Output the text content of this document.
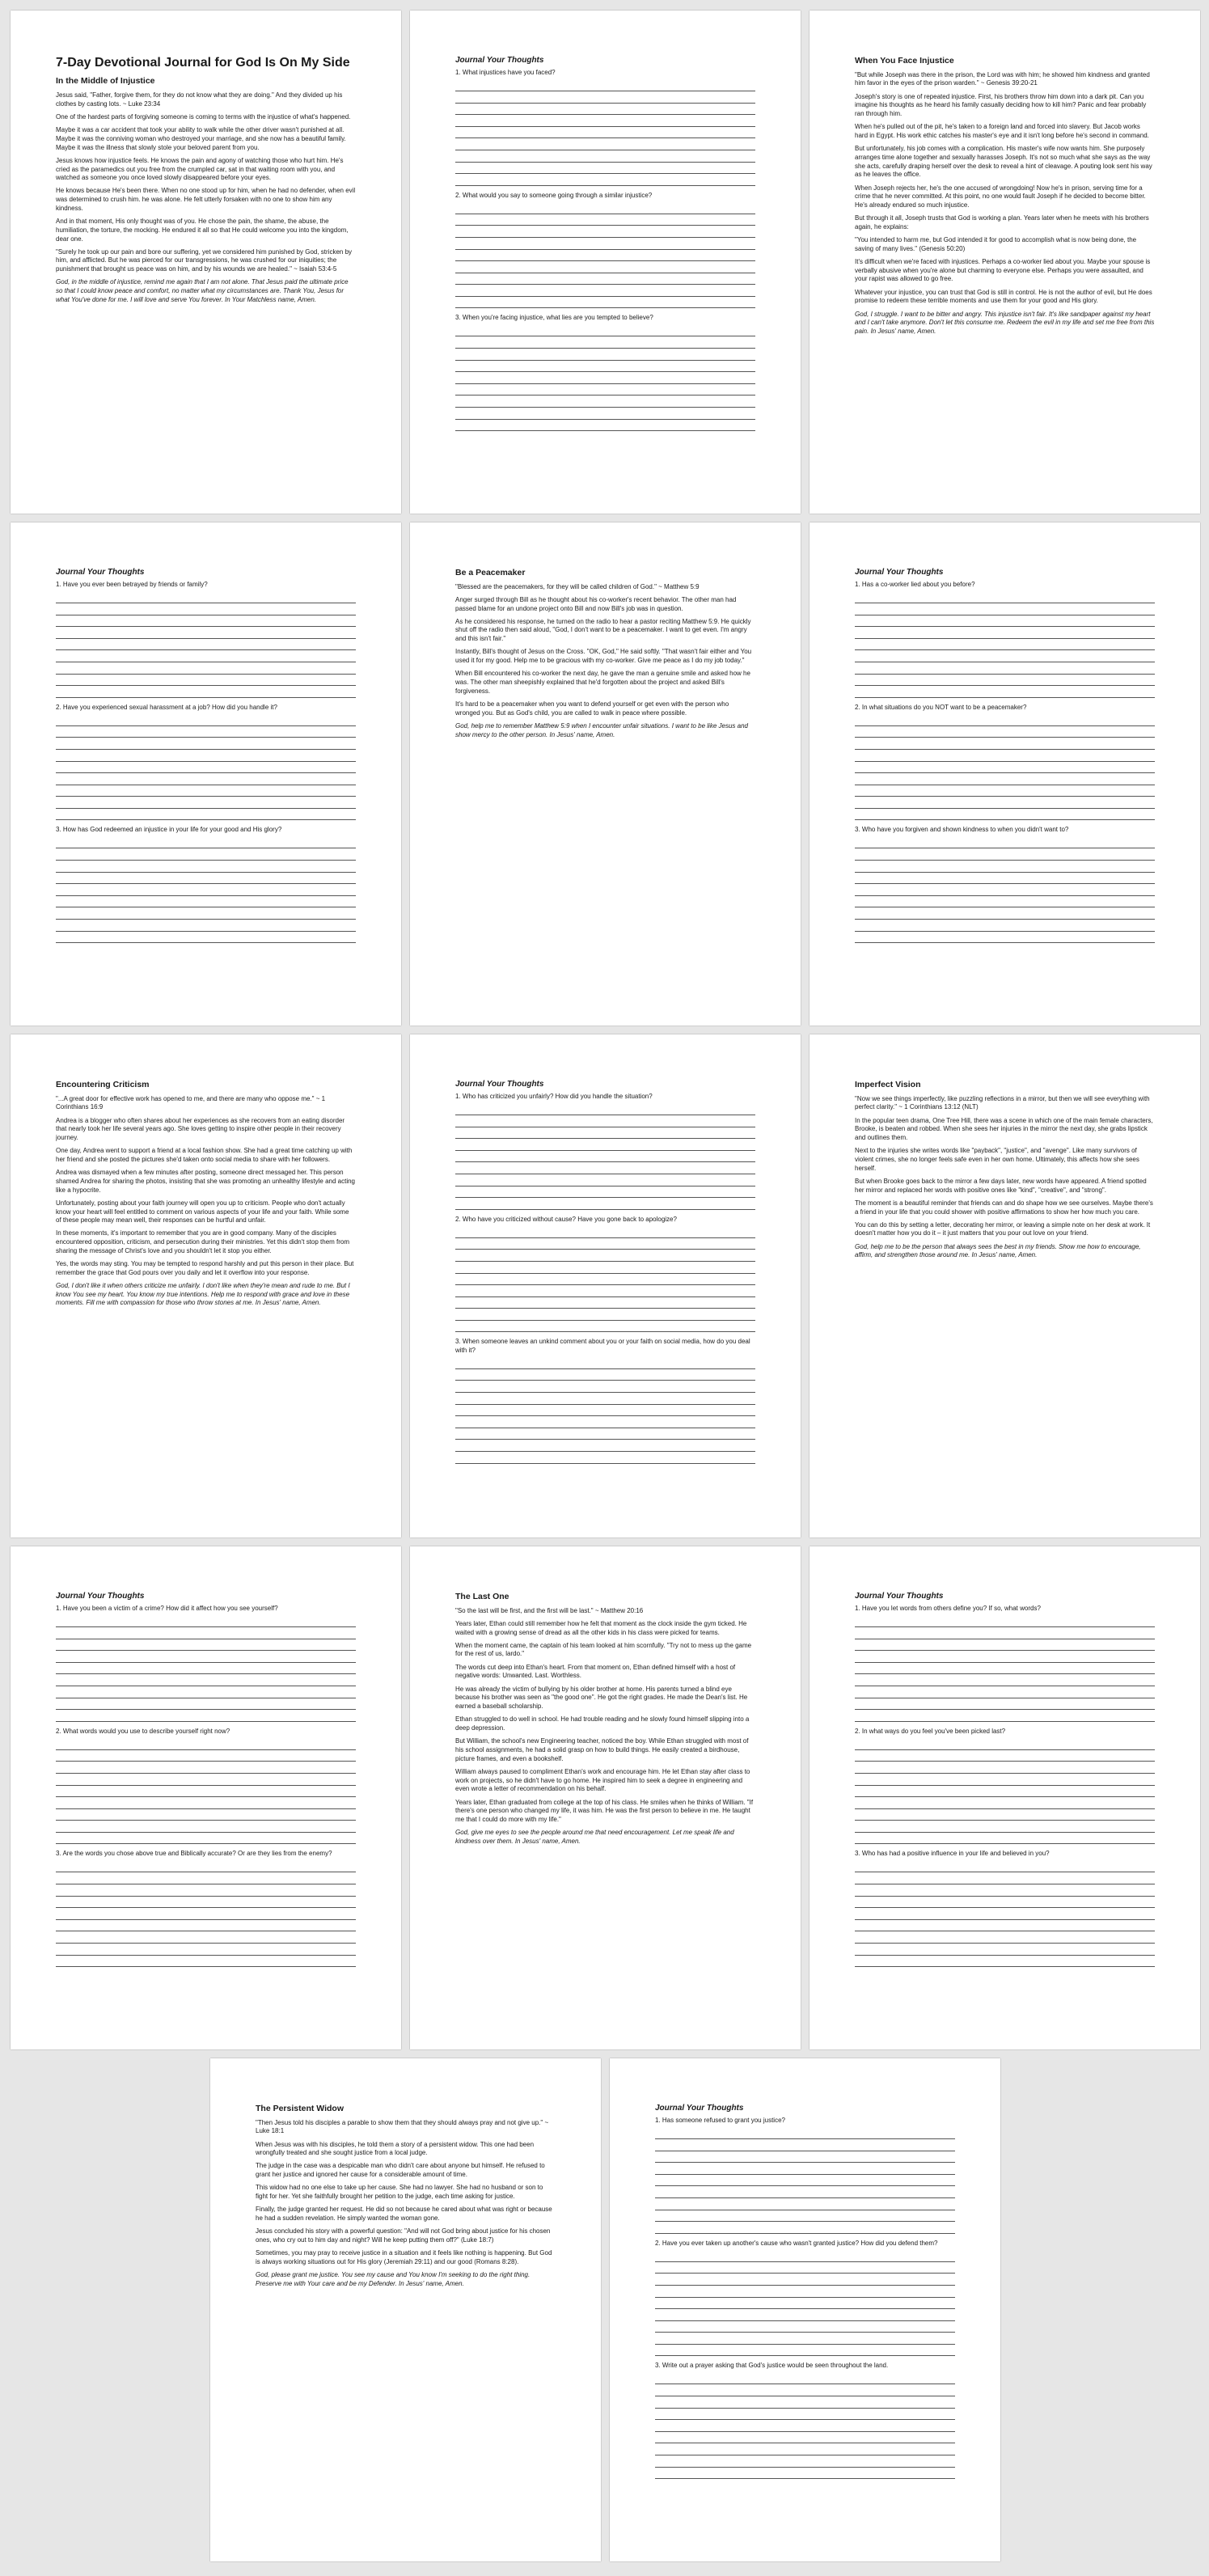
7-Day Devotional Journal for God Is On My Side
In the Middle of Injustice

Jesus said, "Father, forgive them, for they do not know what they are doing." And they divided up his clothes by casting lots. ~ Luke 23:34

One of the hardest parts of forgiving someone is coming to terms with the injustice of what's happened.

Maybe it was a car accident that took your ability to walk while the other driver wasn't punished at all. Maybe it was the conniving woman who destroyed your marriage, and she now has a beautiful family. Maybe it was the illness that slowly stole your beloved parent from you.

Jesus knows how injustice feels. He knows the pain and agony of watching those who hurt him. He's cried as the paramedics out you free from the crumpled car, sat in that waiting room with you, and watched as someone you once loved slowly disappeared before your eyes.

He knows because He's been there. When no one stood up for him, when he had no defender, when evil was determined to crush him. he was alone. He felt utterly forsaken with no one to show him any kindness.

And in that moment, His only thought was of you. He chose the pain, the shame, the abuse, the humiliation, the torture, the mocking. He endured it all so that He could welcome you into the kingdom, dear one.

"Surely he took up our pain and bore our suffering, yet we considered him punished by God, stricken by him, and afflicted. But he was pierced for our transgressions, he was crushed for our iniquities; the punishment that brought us peace was on him, and by his wounds we are healed." ~ Isaiah 53:4-5

God, in the middle of injustice, remind me again that I am not alone. That Jesus paid the ultimate price so that I could know peace and comfort, no matter what my circumstances are. Thank You, Jesus for what You've done for me. I will love and serve You forever. In Your Matchless name, Amen.

Journal Your Thoughts
1. What injustices have you faced?
2. What would you say to someone going through a similar injustice?
3. When you're facing injustice, what lies are you tempted to believe?
When You Face Injustice

"But while Joseph was there in the prison, the Lord was with him; he showed him kindness and granted him favor in the eyes of the prison warden." ~ Genesis 39:20-21

Joseph's story is one of repeated injustice. First, his brothers throw him down into a dark pit. Can you imagine his thoughts as he heard his family casually deciding how to kill him? Panic and fear probably ran through him.

When he's pulled out of the pit, he's taken to a foreign land and forced into slavery. But Jacob works hard in Egypt. His work ethic catches his master's eye and it isn't long before he's second in command.

But unfortunately, his job comes with a complication. His master's wife now wants him. She purposely arranges time alone together and sexually harasses Joseph. It's not so much what she says as the way she acts, carefully draping herself over the desk to reveal a hint of cleavage. A pouting look sent his way as he leaves the office.

When Joseph rejects her, he's the one accused of wrongdoing! Now he's in prison, serving time for a crime that he never committed. At this point, no one would fault Joseph if he decided to become bitter. He's already endured so much injustice.

But through it all, Joseph trusts that God is working a plan. Years later when he meets with his brothers again, he explains:

"You intended to harm me, but God intended it for good to accomplish what is now being done, the saving of many lives." (Genesis 50:20)

It's difficult when we're faced with injustices. Perhaps a co-worker lied about you. Maybe your spouse is verbally abusive when you're alone but charming to everyone else. Perhaps you were assaulted, and your rapist was allowed to go free.

Whatever your injustice, you can trust that God is still in control. He is not the author of evil, but He does promise to redeem these terrible moments and use them for your good and His glory.

God, I struggle. I want to be bitter and angry. This injustice isn't fair. It's like sandpaper against my heart and I can't take anymore. Don't let this consume me. Redeem the evil in my life and set me free from this pain. In Jesus' name, Amen.

Journal Your Thoughts
1. Have you ever been betrayed by friends or family?
2. Have you experienced sexual harassment at a job? How did you handle it?
3. How has God redeemed an injustice in your life for your good and His glory?
Be a Peacemaker

"Blessed are the peacemakers, for they will be called children of God." ~ Matthew 5:9

Anger surged through Bill as he thought about his co-worker's recent behavior. The other man had passed blame for an undone project onto Bill and now Bill's job was in question.

As he considered his response, he turned on the radio to hear a pastor reciting Matthew 5:9. He quickly shut off the radio then said aloud, "God, I don't want to be a peacemaker. I want to get even. I'm angry and this isn't fair."

Instantly, Bill's thought of Jesus on the Cross. "OK, God," He said softly. "That wasn't fair either and You used it for my good. Help me to be gracious with my co-worker. Give me peace as I do my job today."

When Bill encountered his co-worker the next day, he gave the man a genuine smile and asked how he was. The other man sheepishly explained that he'd forgotten about the project and asked Bill's forgiveness.

It's hard to be a peacemaker when you want to defend yourself or get even with the person who wronged you. But as God's child, you are called to walk in peace where possible.

God, help me to remember Matthew 5:9 when I encounter unfair situations. I want to be like Jesus and show mercy to the other person. In Jesus' name, Amen.

Journal Your Thoughts
1. Has a co-worker lied about you before?
2. In what situations do you NOT want to be a peacemaker?
3. Who have you forgiven and shown kindness to when you didn't want to?
Encountering Criticism

"...A great door for effective work has opened to me, and there are many who oppose me." ~ 1 Corinthians 16:9

Andrea is a blogger who often shares about her experiences as she recovers from an eating disorder that nearly took her life several years ago. She loves getting to inspire other people in their recovery journey.

One day, Andrea went to support a friend at a local fashion show. She had a great time catching up with her friend and she posted the pictures she'd taken onto social media to share with her followers.

Andrea was dismayed when a few minutes after posting, someone direct messaged her. This person shamed Andrea for sharing the photos, insisting that she was promoting an unhealthy lifestyle and acting like a hypocrite.

Unfortunately, posting about your faith journey will open you up to criticism. People who don't actually know your heart will feel entitled to comment on various aspects of your life and your faith. While some of these people may mean well, their responses can be hurtful and unfair.

In these moments, it's important to remember that you are in good company. Many of the disciples encountered opposition, criticism, and persecution during their ministries. Yet this didn't stop them from sharing the message of Christ's love and you shouldn't let it stop you either.

Yes, the words may sting. You may be tempted to respond harshly and put this person in their place. But remember the grace that God pours over you daily and let it overflow into your response.

God, I don't like it when others criticize me unfairly. I don't like when they're mean and rude to me. But I know You see my heart. You know my true intentions. Help me to respond with grace and love in these moments. Fill me with compassion for those who throw stones at me. In Jesus' name, Amen.

Journal Your Thoughts
1. Who has criticized you unfairly? How did you handle the situation?
2. Who have you criticized without cause? Have you gone back to apologize?
3. When someone leaves an unkind comment about you or your faith on social media, how do you deal with it?
Imperfect Vision

"Now we see things imperfectly, like puzzling reflections in a mirror, but then we will see everything with perfect clarity." ~ 1 Corinthians 13:12 (NLT)

In the popular teen drama, One Tree Hill, there was a scene in which one of the main female characters, Brooke, is beaten and robbed. When she sees her injuries in the mirror the next day, she grabs lipstick and outlines them.

Next to the injuries she writes words like "payback", "justice", and "avenge". Like many survivors of violent crimes, she no longer feels safe even in her own home. Ultimately, this affects how she sees herself.

But when Brooke goes back to the mirror a few days later, new words have appeared. A friend spotted her mirror and replaced her words with positive ones like "kind", "creative", and "strong".

The moment is a beautiful reminder that friends can and do shape how we see ourselves. Maybe there's a friend in your life that you could shower with positive affirmations to show her how much you care.

You can do this by setting a letter, decorating her mirror, or leaving a simple note on her desk at work. It doesn't matter how you do it – it just matters that you pour out love on your friend.

God, help me to be the person that always sees the best in my friends. Show me how to encourage, affirm, and strengthen those around me. In Jesus' name, Amen.

Journal Your Thoughts
1. Have you been a victim of a crime? How did it affect how you see yourself?
2. What words would you use to describe yourself right now?
3. Are the words you chose above true and Biblically accurate? Or are they lies from the enemy?
The Last One

"So the last will be first, and the first will be last." ~ Matthew 20:16

Years later, Ethan could still remember how he felt that moment as the clock inside the gym ticked. He waited with a growing sense of dread as all the other kids in his class were picked for teams.

When the moment came, the captain of his team looked at him scornfully. "Try not to mess up the game for the rest of us, lardo."

The words cut deep into Ethan's heart. From that moment on, Ethan defined himself with a host of negative words: Unwanted. Last. Worthless.

He was already the victim of bullying by his older brother at home. His parents turned a blind eye because his brother was seen as "the good one". He got the right grades. He made the Dean's list. He earned a baseball scholarship.

Ethan struggled to do well in school. He had trouble reading and he slowly found himself slipping into a deep depression.

But William, the school's new Engineering teacher, noticed the boy. While Ethan struggled with most of his school assignments, he had a solid grasp on how to build things. He easily created a birdhouse, picture frames, and even a bookshelf.

William always paused to compliment Ethan's work and encourage him. He let Ethan stay after class to work on projects, so he didn't have to go home. He inspired him to seek a degree in engineering and even wrote a letter of recommendation on his behalf.

Years later, Ethan graduated from college at the top of his class. He smiles when he thinks of William. "If there's one person who changed my life, it was him. He was the first person to believe in me. He taught me that I could do more with my life."

God, give me eyes to see the people around me that need encouragement. Let me speak life and kindness over them. In Jesus' name, Amen.

Journal Your Thoughts
1. Have you let words from others define you? If so, what words?
2. In what ways do you feel you've been picked last?
3. Who has had a positive influence in your life and believed in you?
The Persistent Widow

"Then Jesus told his disciples a parable to show them that they should always pray and not give up." ~ Luke 18:1

When Jesus was with his disciples, he told them a story of a persistent widow. This one had been wrongfully treated and she sought justice from a local judge.

The judge in the case was a despicable man who didn't care about anyone but himself. He refused to grant her justice and ignored her cause for a considerable amount of time.

This widow had no one else to take up her cause. She had no lawyer. She had no husband or son to fight for her. Yet she faithfully brought her petition to the judge, each time asking for justice.

Finally, the judge granted her request. He did so not because he cared about what was right or because he had a sudden revelation. He simply wanted the woman gone.

Jesus concluded his story with a powerful question: "And will not God bring about justice for his chosen ones, who cry out to him day and night? Will he keep putting them off?" (Luke 18:7)

Sometimes, you may pray to receive justice in a situation and it feels like nothing is happening. But God is always working situations out for His glory (Jeremiah 29:11) and our good (Romans 8:28).

God, please grant me justice. You see my cause and You know I'm seeking to do the right thing. Preserve me with Your care and be my Defender. In Jesus' name, Amen.

Journal Your Thoughts
1. Has someone refused to grant you justice?
2. Have you ever taken up another's cause who wasn't granted justice? How did you defend them?
3. Write out a prayer asking that God's justice would be seen throughout the land.
